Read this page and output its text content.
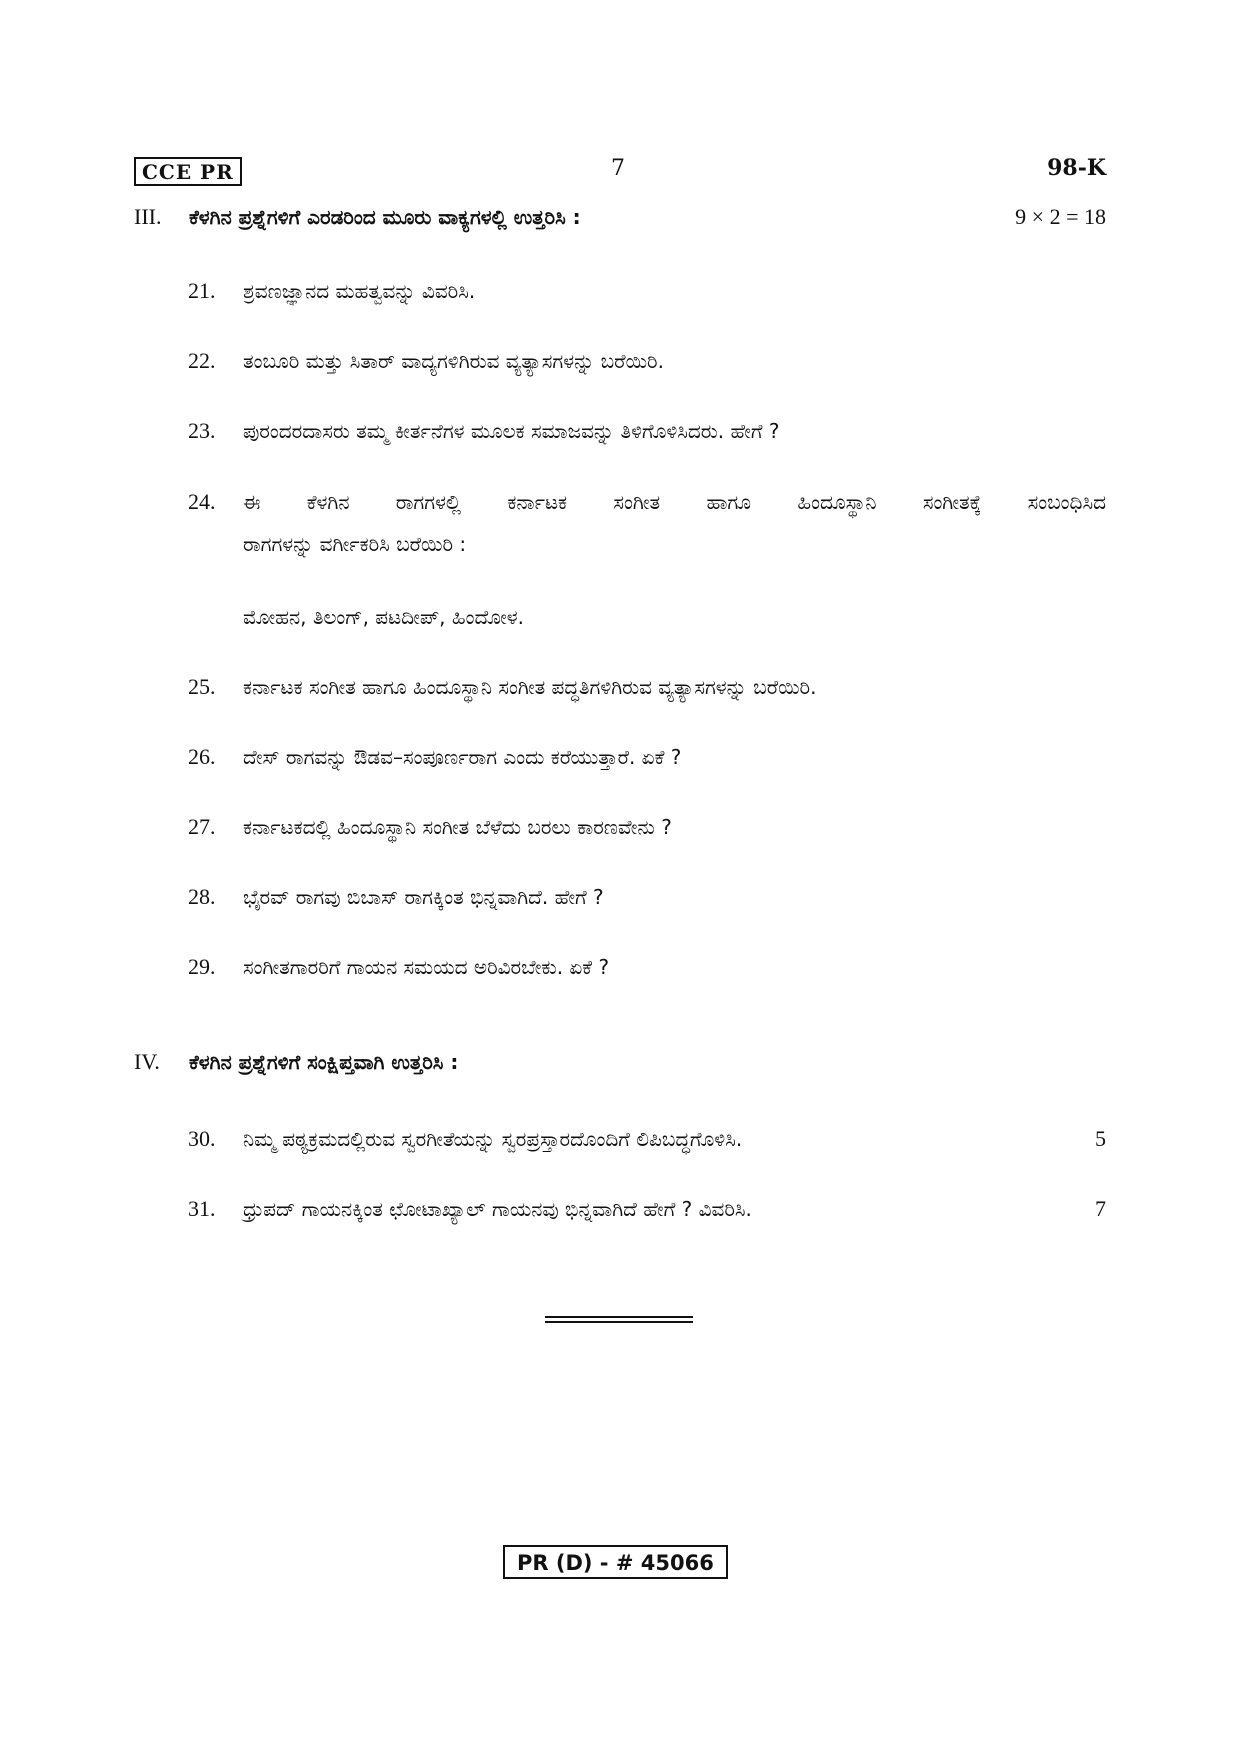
CCE PR	7	98-K
III. ಕೆಳಗಿನ ಪ್ರಶ್ನೆಗಳಿಗೆ ಎರಡರಿಂದ ಮೂರು ವಾಕ್ಯಗಳಲ್ಲಿ ಉತ್ತರಿಸಿ :	9 × 2 = 18
21. ಶ್ರವಣಜ್ಞಾನದ ಮಹತ್ವವನ್ನು ವಿವರಿಸಿ.
22. ತಂಬೂರಿ ಮತ್ತು ಸಿತಾರ್ ವಾದ್ಯಗಳಿಗಿರುವ ವ್ಯತ್ಯಾಸಗಳನ್ನು ಬರೆಯಿರಿ.
23. ಪುರಂದರದಾಸರು ತಮ್ಮ ಕೀರ್ತನೆಗಳ ಮೂಲಕ ಸಮಾಜವನ್ನು ತಿಳಿಗೊಳಿಸಿದರು. ಹೇಗೆ ?
24. ಈ ಕೆಳಗಿನ ರಾಗಗಳಲ್ಲಿ ಕರ್ನಾಟಕ ಸಂಗೀತ ಹಾಗೂ ಹಿಂದೂಸ್ಥಾನಿ ಸಂಗೀತಕ್ಕೆ ಸಂಬಂಧಿಸಿದ
ರಾಗಗಳನ್ನು ವರ್ಗೀಕರಿಸಿ ಬರೆಯಿರಿ :
ಮೋಹನ, ತಿಲಂಗ್, ಪಟದೀಪ್, ಹಿಂದೋಳ.
25. ಕರ್ನಾಟಕ ಸಂಗೀತ ಹಾಗೂ ಹಿಂದೂಸ್ಥಾನಿ ಸಂಗೀತ ಪದ್ಧತಿಗಳಿಗಿರುವ ವ್ಯತ್ಯಾಸಗಳನ್ನು ಬರೆಯಿರಿ.
26. ದೇಸ್ ರಾಗವನ್ನು ಔಡವ–ಸಂಪೂರ್ಣರಾಗ ಎಂದು ಕರೆಯುತ್ತಾರೆ. ಏಕೆ ?
27. ಕರ್ನಾಟಕದಲ್ಲಿ ಹಿಂದೂಸ್ಥಾನಿ ಸಂಗೀತ ಬೆಳೆದು ಬರಲು ಕಾರಣವೇನು ?
28. ಭೈರವ್ ರಾಗವು ಬಿಬಾಸ್ ರಾಗಕ್ಕಿಂತ ಭಿನ್ನವಾಗಿದೆ. ಹೇಗೆ ?
29. ಸಂಗೀತಗಾರರಿಗೆ ಗಾಯನ ಸಮಯದ ಅರಿವಿರಬೇಕು. ಏಕೆ ?
IV. ಕೆಳಗಿನ ಪ್ರಶ್ನೆಗಳಿಗೆ ಸಂಕ್ಷಿಪ್ತವಾಗಿ ಉತ್ತರಿಸಿ :
30. ನಿಮ್ಮ ಪಠ್ಯಕ್ರಮದಲ್ಲಿರುವ ಸ್ವರಗೀತೆಯನ್ನು ಸ್ವರಪ್ರಸ್ತಾರದೊಂದಿಗೆ ಲಿಪಿಬದ್ಧಗೊಳಿಸಿ.	5
31. ಧ್ರುಪದ್ ಗಾಯನಕ್ಕಿಂತ ಛೋಟಾಖ್ಯಾಲ್ ಗಾಯನವು ಭಿನ್ನವಾಗಿದೆ ಹೇಗೆ ? ವಿವರಿಸಿ.	7
PR (D) - # 45066
